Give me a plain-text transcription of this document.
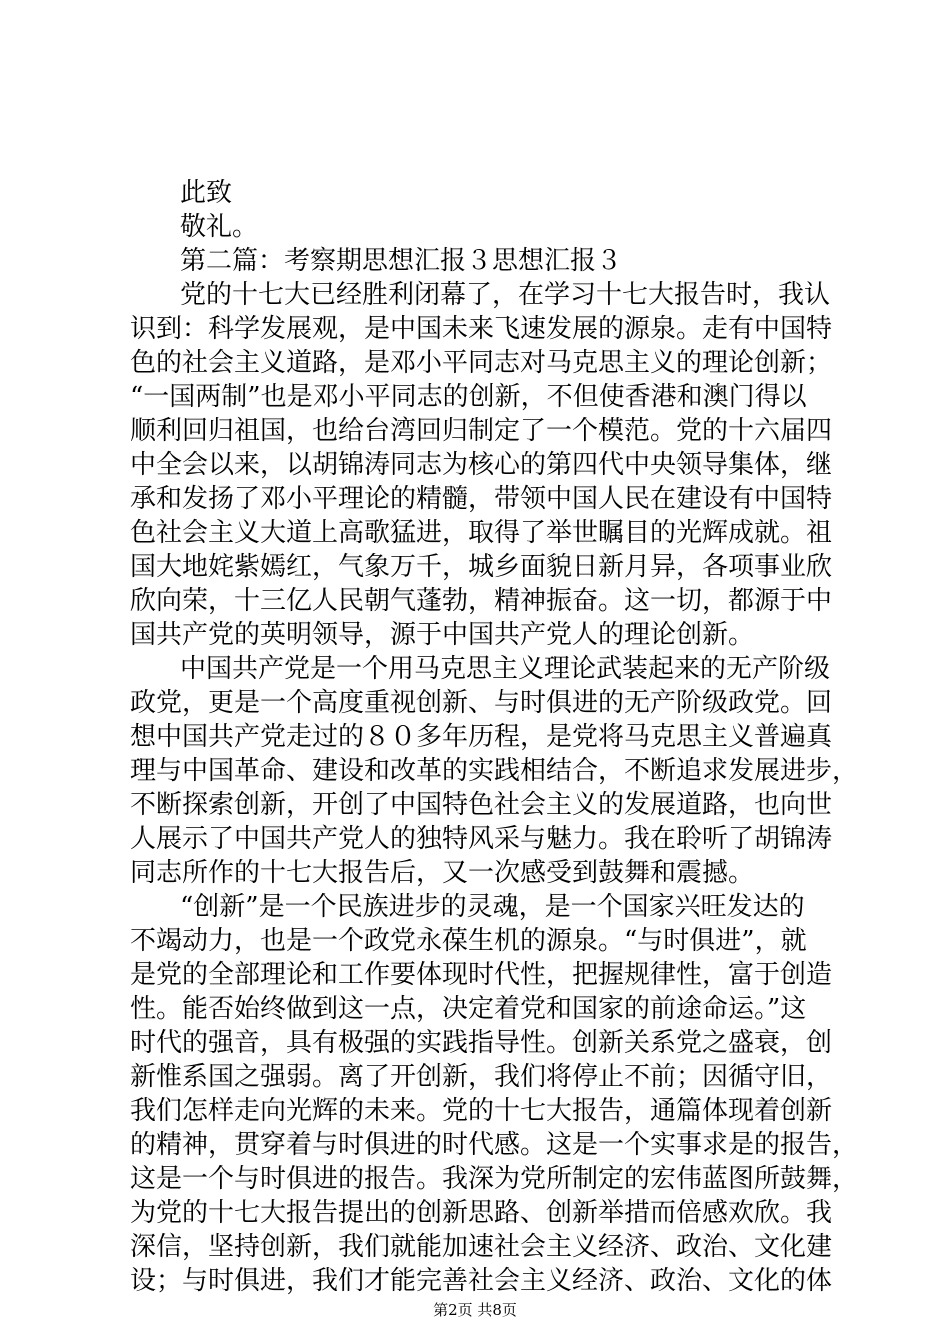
此致
敬礼。
第二篇：考察期思想汇报３思想汇报３
党的十七大已经胜利闭幕了，在学习十七大报告时，我认
识到：科学发展观，是中国未来飞速发展的源泉。走有中国特
色的社会主义道路，是邓小平同志对马克思主义的理论创新；
“一国两制”也是邓小平同志的创新，不但使香港和澳门得以
顺利回归祖国，也给台湾回归制定了一个模范。党的十六届四
中全会以来，以胡锦涛同志为核心的第四代中央领导集体，继
承和发扬了邓小平理论的精髓，带领中国人民在建设有中国特
色社会主义大道上高歌猛进，取得了举世瞩目的光辉成就。祖
国大地姹紫嫣红，气象万千，城乡面貌日新月异，各项事业欣
欣向荣，十三亿人民朝气蓬勃，精神振奋。这一切，都源于中
国共产党的英明领导，源于中国共产党人的理论创新。
中国共产党是一个用马克思主义理论武装起来的无产阶级
政党，更是一个高度重视创新、与时俱进的无产阶级政党。回
想中国共产党走过的８０多年历程，是党将马克思主义普遍真
理与中国革命、建设和改革的实践相结合，不断追求发展进步，
不断探索创新，开创了中国特色社会主义的发展道路，也向世
人展示了中国共产党人的独特风采与魅力。我在聆听了胡锦涛
同志所作的十七大报告后，又一次感受到鼓舞和震撼。
“创新”是一个民族进步的灵魂，是一个国家兴旺发达的
不竭动力，也是一个政党永葆生机的源泉。“与时俱进”，就
是党的全部理论和工作要体现时代性，把握规律性，富于创造
性。能否始终做到这一点，决定着党和国家的前途命运。”这
时代的强音，具有极强的实践指导性。创新关系党之盛衰，创
新惟系国之强弱。离了开创新，我们将停止不前；因循守旧，
我们怎样走向光辉的未来。党的十七大报告，通篇体现着创新
的精神，贯穿着与时俱进的时代感。这是一个实事求是的报告，
这是一个与时俱进的报告。我深为党所制定的宏伟蓝图所鼓舞，
为党的十七大报告提出的创新思路、创新举措而倍感欢欣。我
深信，坚持创新，我们就能加速社会主义经济、政治、文化建
设；与时俱进，我们才能完善社会主义经济、政治、文化的体
第2页 共8页
